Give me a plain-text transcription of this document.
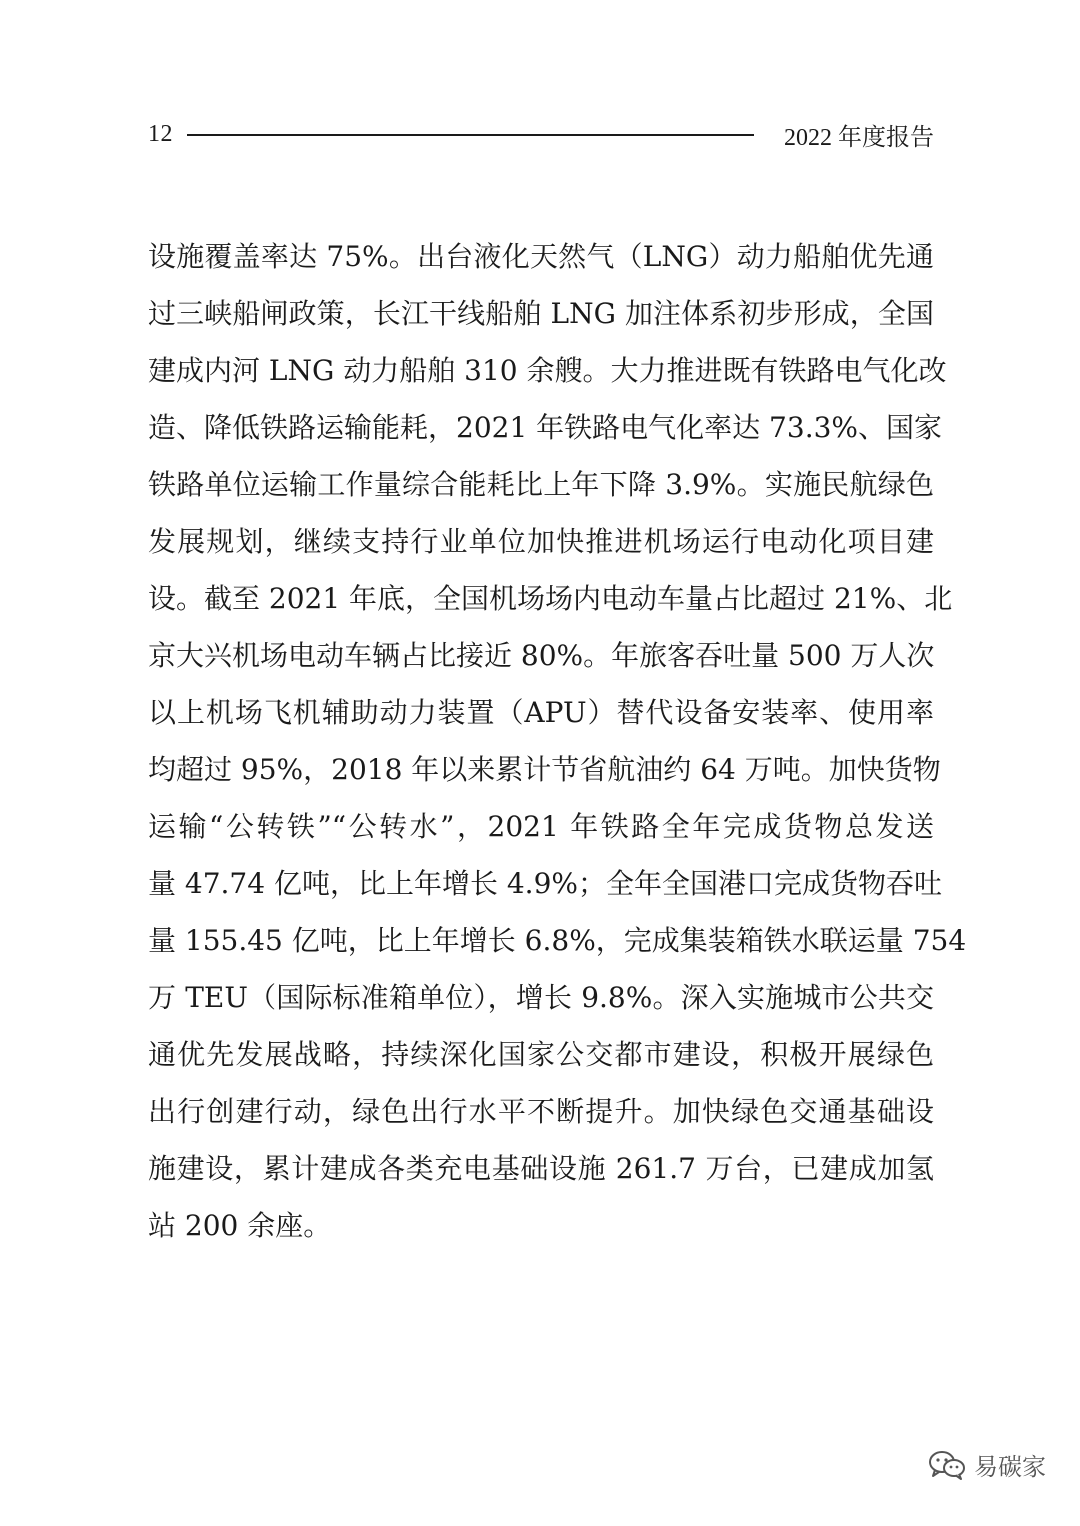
12	2022 年度报告
设施覆盖率达 75%。出台液化天然气（LNG）动力船舶优先通
过三峡船闸政策，长江干线船舶 LNG 加注体系初步形成，全国
建成内河 LNG 动力船舶 310 余艘。大力推进既有铁路电气化改
造、降低铁路运输能耗，2021 年铁路电气化率达 73.3%、国家
铁路单位运输工作量综合能耗比上年下降 3.9%。实施民航绿色
发展规划，继续支持行业单位加快推进机场运行电动化项目建
设。截至 2021 年底，全国机场场内电动车量占比超过 21%、北
京大兴机场电动车辆占比接近 80%。年旅客吞吐量 500 万人次
以上机场飞机辅助动力装置（APU）替代设备安装率、使用率
均超过 95%，2018 年以来累计节省航油约 64 万吨。加快货物
运输“公转铁”“公转水”，2021 年铁路全年完成货物总发送
量 47.74 亿吨，比上年增长 4.9%；全年全国港口完成货物吞吐
量 155.45 亿吨，比上年增长 6.8%，完成集装箱铁水联运量 754
万 TEU（国际标准箱单位），增长 9.8%。深入实施城市公共交
通优先发展战略，持续深化国家公交都市建设，积极开展绿色
出行创建行动，绿色出行水平不断提升。加快绿色交通基础设
施建设，累计建成各类充电基础设施 261.7 万台，已建成加氢
站 200 余座。
易碳家
